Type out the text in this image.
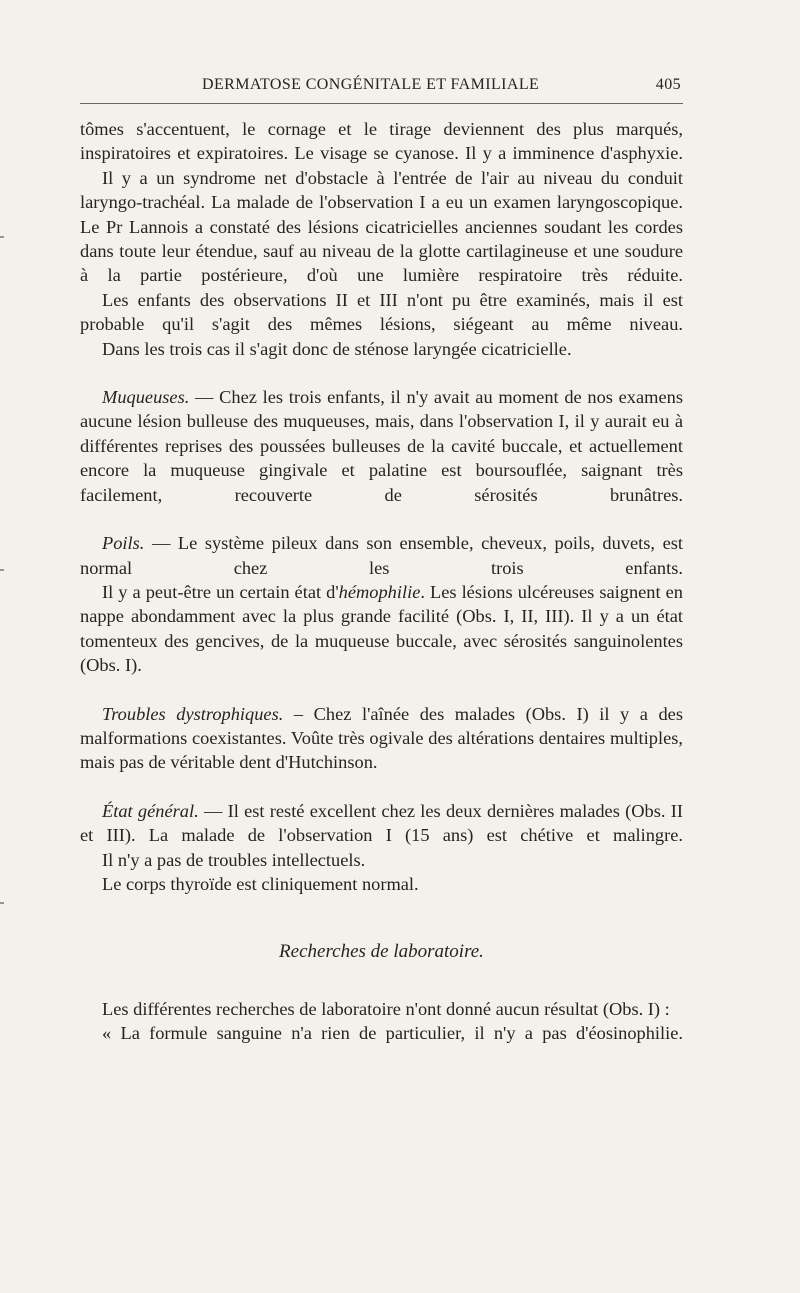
DERMATOSE CONGÉNITALE ET FAMILIALE	405

tômes s'accentuent, le cornage et le tirage deviennent des plus marqués, inspiratoires et expiratoires. Le visage se cyanose. Il y a imminence d'asphyxie.

Il y a un syndrome net d'obstacle à l'entrée de l'air au niveau du conduit laryngo-trachéal. La malade de l'observation I a eu un examen laryngoscopique. Le Pr Lannois a constaté des lésions cicatricielles anciennes soudant les cordes dans toute leur étendue, sauf au niveau de la glotte cartilagineuse et une soudure à la partie postérieure, d'où une lumière respiratoire très réduite.

Les enfants des observations II et III n'ont pu être examinés, mais il est probable qu'il s'agit des mêmes lésions, siégeant au même niveau.

Dans les trois cas il s'agit donc de sténose laryngée cicatricielle.

Muqueuses. — Chez les trois enfants, il n'y avait au moment de nos examens aucune lésion bulleuse des muqueuses, mais, dans l'observation I, il y aurait eu à différentes reprises des poussées bulleuses de la cavité buccale, et actuellement encore la muqueuse gingivale et palatine est boursouflée, saignant très facilement, recouverte de sérosités brunâtres.

Poils. — Le système pileux dans son ensemble, cheveux, poils, duvets, est normal chez les trois enfants.

Il y a peut-être un certain état d'hémophilie. Les lésions ulcéreuses saignent en nappe abondamment avec la plus grande facilité (Obs. I, II, III). Il y a un état tomenteux des gencives, de la muqueuse buccale, avec sérosités sanguinolentes (Obs. I).

Troubles dystrophiques. – Chez l'aînée des malades (Obs. I) il y a des malformations coexistantes. Voûte très ogivale des altérations dentaires multiples, mais pas de véritable dent d'Hutchinson.

État général. — Il est resté excellent chez les deux dernières malades (Obs. II et III). La malade de l'observation I (15 ans) est chétive et malingre.

Il n'y a pas de troubles intellectuels.

Le corps thyroïde est cliniquement normal.

Recherches de laboratoire.

Les différentes recherches de laboratoire n'ont donné aucun résultat (Obs. I) :

« La formule sanguine n'a rien de particulier, il n'y a pas d'éosinophilie.
